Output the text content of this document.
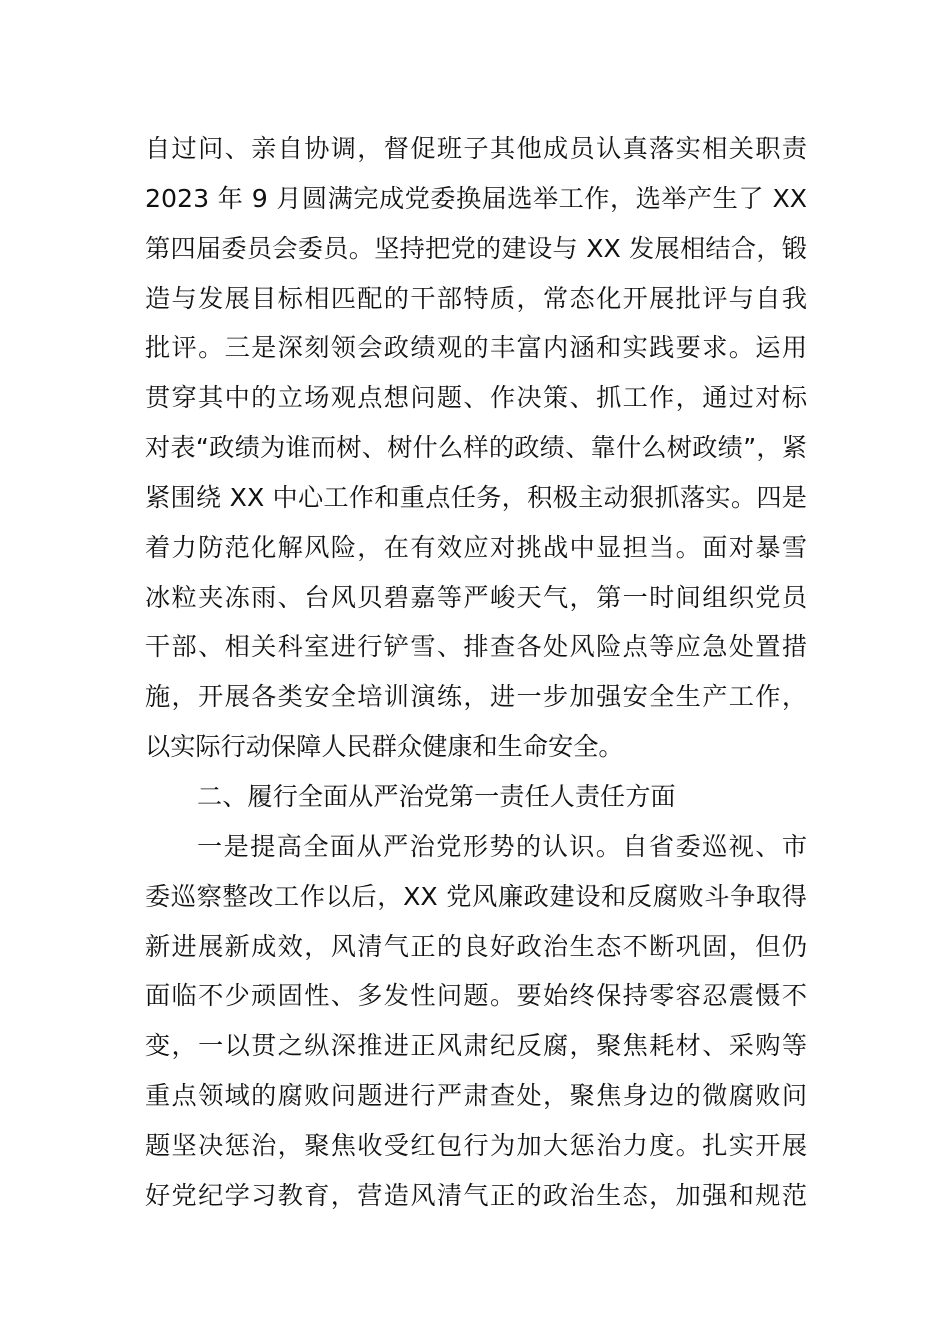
自过问、亲自协调，督促班子其他成员认真落实相关职责
2023 年 9 月圆满完成党委换届选举工作，选举产生了 XX
第四届委员会委员。坚持把党的建设与 XX 发展相结合，锻
造与发展目标相匹配的干部特质，常态化开展批评与自我
批评。三是深刻领会政绩观的丰富内涵和实践要求。运用
贯穿其中的立场观点想问题、作决策、抓工作，通过对标
对表“政绩为谁而树、树什么样的政绩、靠什么树政绩”，紧
紧围绕 XX 中心工作和重点任务，积极主动狠抓落实。四是
着力防范化解风险，在有效应对挑战中显担当。面对暴雪
冰粒夹冻雨、台风贝碧嘉等严峻天气，第一时间组织党员
干部、相关科室进行铲雪、排查各处风险点等应急处置措
施，开展各类安全培训演练，进一步加强安全生产工作，
以实际行动保障人民群众健康和生命安全。
二、履行全面从严治党第一责任人责任方面
一是提高全面从严治党形势的认识。自省委巡视、市
委巡察整改工作以后，XX 党风廉政建设和反腐败斗争取得
新进展新成效，风清气正的良好政治生态不断巩固，但仍
面临不少顽固性、多发性问题。要始终保持零容忍震慑不
变，一以贯之纵深推进正风肃纪反腐，聚焦耗材、采购等
重点领域的腐败问题进行严肃查处，聚焦身边的微腐败问
题坚决惩治，聚焦收受红包行为加大惩治力度。扎实开展
好党纪学习教育，营造风清气正的政治生态，加强和规范
